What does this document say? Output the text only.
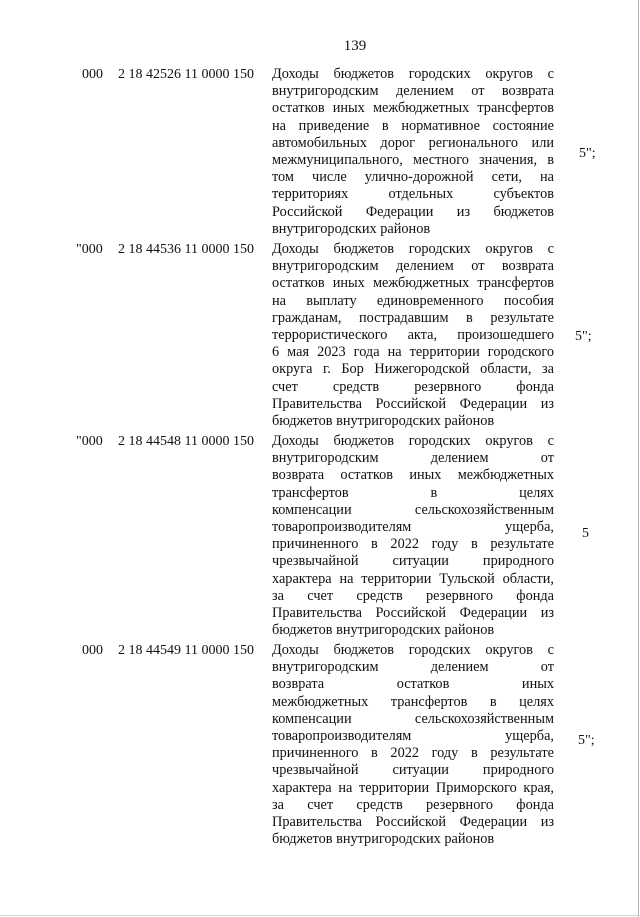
139
000 2 18 42526 11 0000 150 Доходы бюджетов городских округов с
внутригородским делением от возврата
остатков иных межбюджетных трансфертов
на приведение в нормативное состояние
автомобильных дорог регионального или
межмуниципального, местного значения, в
том числе улично-дорожной сети, на
территориях отдельных субъектов
Российской Федерации из бюджетов
внутригородских районов
5";
"000 2 18 44536 11 0000 150 Доходы бюджетов городских округов с
внутригородским делением от возврата
остатков иных межбюджетных трансфертов
на выплату единовременного пособия
гражданам, пострадавшим в результате
террористического акта, произошедшего
6 мая 2023 года на территории городского
округа г. Бор Нижегородской области, за
счет средств резервного фонда
Правительства Российской Федерации из
бюджетов внутригородских районов
5";
"000 2 18 44548 11 0000 150 Доходы бюджетов городских округов с
внутригородским делением от
возврата остатков иных межбюджетных
трансфертов в целях
компенсации сельскохозяйственным
товаропроизводителям ущерба,
причиненного в 2022 году в результате
чрезвычайной ситуации природного
характера на территории Тульской области,
за счет средств резервного фонда
Правительства Российской Федерации из
бюджетов внутригородских районов
5
000 2 18 44549 11 0000 150 Доходы бюджетов городских округов с
внутригородским делением от
возврата остатков иных
межбюджетных трансфертов в целях
компенсации сельскохозяйственным
товаропроизводителям ущерба,
причиненного в 2022 году в результате
чрезвычайной ситуации природного
характера на территории Приморского края,
за счет средств резервного фонда
Правительства Российской Федерации из
бюджетов внутригородских районов
5";
